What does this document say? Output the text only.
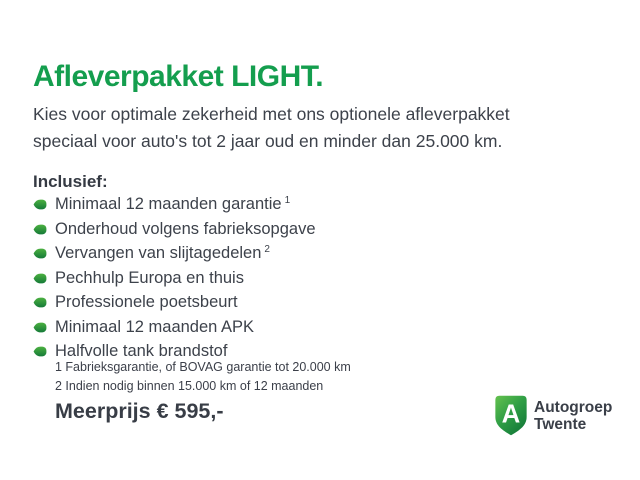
Afleverpakket LIGHT.
Kies voor optimale zekerheid met ons optionele afleverpakket
speciaal voor auto's tot 2 jaar oud en minder dan 25.000 km.
Inclusief:
Minimaal 12 maanden garantie $^1$
Onderhoud volgens fabrieksopgave
Vervangen van slijtagedelen $^2$
Pechhulp Europa en thuis
Professionele poetsbeurt
Minimaal 12 maanden APK
Halfvolle tank brandstof
1 Fabrieksgarantie, of BOVAG garantie tot 20.000 km
2 Indien nodig binnen 15.000 km of 12 maanden
Meerprijs € 595,-	A Autogroep
Twente
